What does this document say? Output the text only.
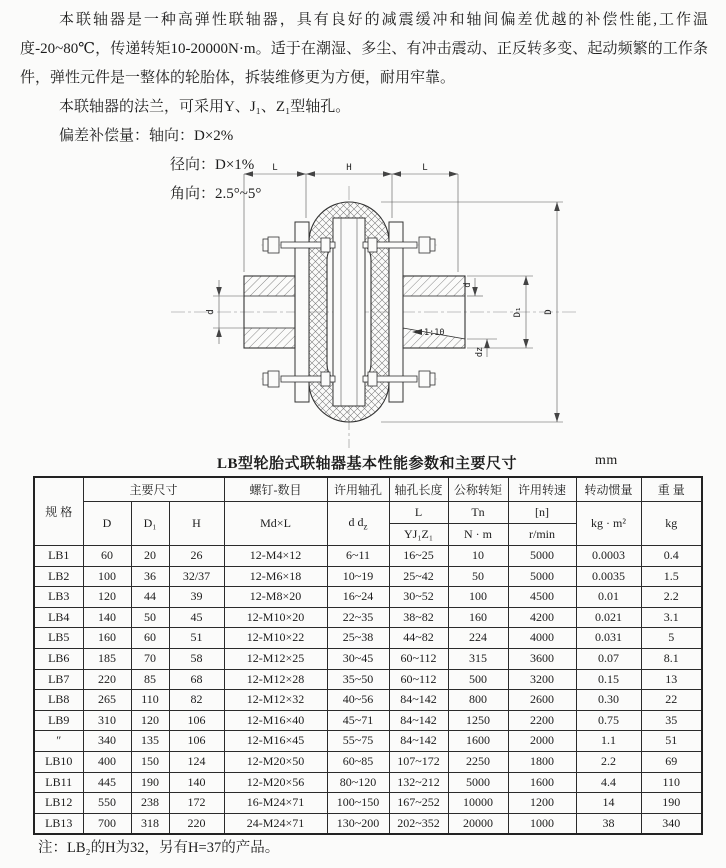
本联轴器是一种高弹性联轴器，具有良好的减震缓冲和轴间偏差优越的补偿性能,工作温度-20~80℃，传递转矩10-20000N·m。适于在潮湿、多尘、有冲击震动、正反转多变、起动频繁的工作条件，弹性元件是一整体的轮胎体，拆装维修更为方便，耐用牢靠。

本联轴器的法兰，可采用Y、J₁、Z₁型轴孔。

偏差补偿量：轴向：D×2%

径向：D×1%

角向：2.5°~5°

L	H	L
D
D₁
d
d
dz
1:10
LB型轮胎式联轴器基本性能参数和主要尺寸	mm
规 格	主要尺寸			螺钉-数目	许用轴孔	轴孔长度	公称转矩	许用转速	转动惯量	重 量
	D	D₁	H	Md×L	d $d_z$	L	Tn	[n]	kg · m²	kg
						YJ₁Z₁	N · m	r/min		
LB1	60	20	26	12-M4×12	6~11	16~25	10	5000	0.0003	0.4
LB2	100	36	32/37	12-M6×18	10~19	25~42	50	5000	0.0035	1.5
LB3	120	44	39	12-M8×20	16~24	30~52	100	4500	0.01	2.2
LB4	140	50	45	12-M10×20	22~35	38~82	160	4200	0.021	3.1
LB5	160	60	51	12-M10×22	25~38	44~82	224	4000	0.031	5
LB6	185	70	58	12-M12×25	30~45	60~112	315	3600	0.07	8.1
LB7	220	85	68	12-M12×28	35~50	60~112	500	3200	0.15	13
LB8	265	110	82	12-M12×32	40~56	84~142	800	2600	0.30	22
LB9	310	120	106	12-M16×40	45~71	84~142	1250	2200	0.75	35
″	340	135	106	12-M16×45	55~75	84~142	1600	2000	1.1	51
LB10	400	150	124	12-M20×50	60~85	107~172	2250	1800	2.2	69
LB11	445	190	140	12-M20×56	80~120	132~212	5000	1600	4.4	110
LB12	550	238	172	16-M24×71	100~150	167~252	10000	1200	14	190
LB13	700	318	220	24-M24×71	130~200	202~352	20000	1000	38	340
注：LB₂的H为32，另有H=37的产品。
